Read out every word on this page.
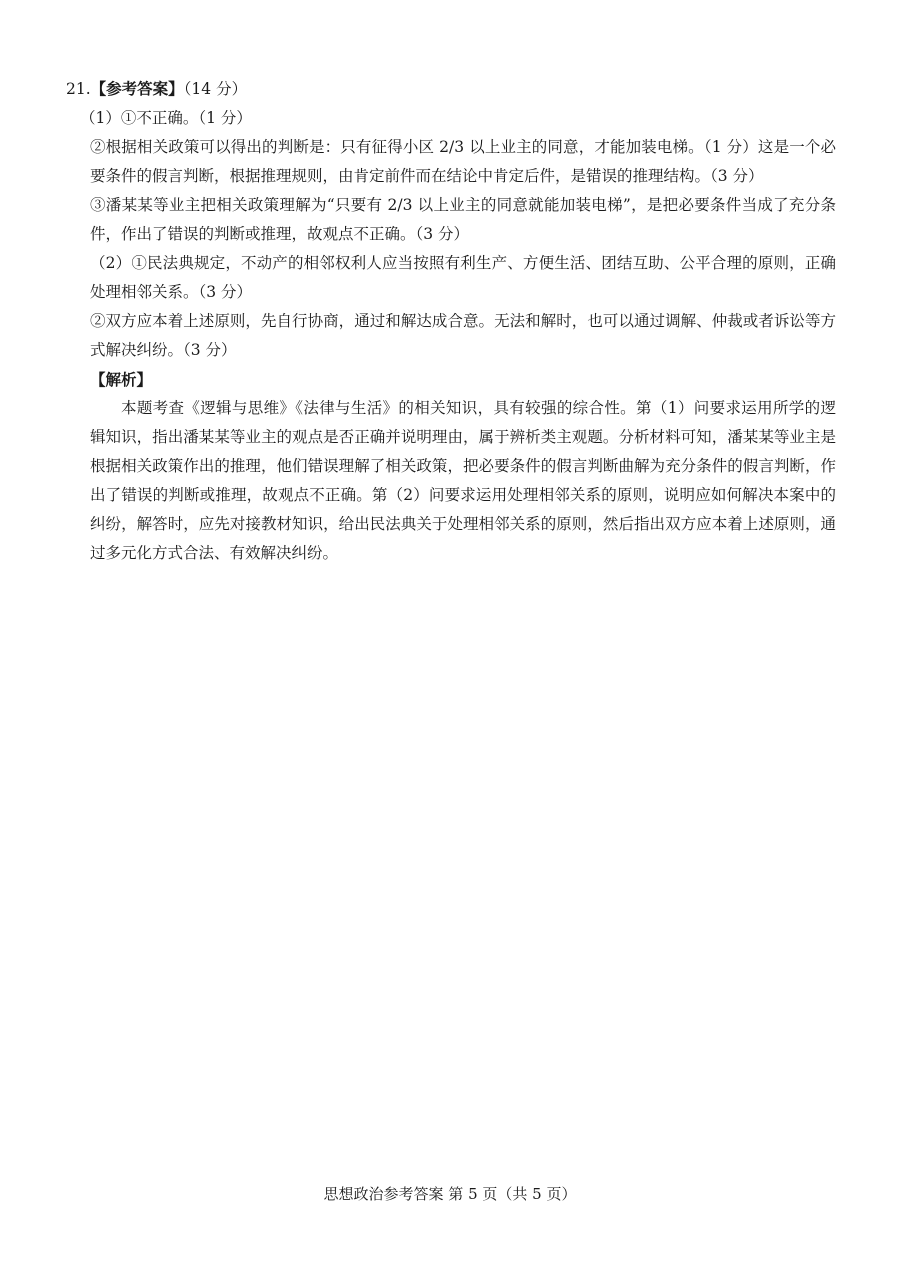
21.【参考答案】（14 分）

（1）①不正确。（1 分）

②根据相关政策可以得出的判断是：只有征得小区 2/3 以上业主的同意，才能加装电梯。（1 分）这是一个必要条件的假言判断，根据推理规则，由肯定前件而在结论中肯定后件，是错误的推理结构。（3 分）

③潘某某等业主把相关政策理解为“只要有 2/3 以上业主的同意就能加装电梯”，是把必要条件当成了充分条件，作出了错误的判断或推理，故观点不正确。（3 分）

（2）①民法典规定，不动产的相邻权利人应当按照有利生产、方便生活、团结互助、公平合理的原则，正确处理相邻关系。（3 分）

②双方应本着上述原则，先自行协商，通过和解达成合意。无法和解时，也可以通过调解、仲裁或者诉讼等方式解决纠纷。（3 分）

【解析】

本题考查《逻辑与思维》《法律与生活》的相关知识，具有较强的综合性。第（1）问要求运用所学的逻辑知识，指出潘某某等业主的观点是否正确并说明理由，属于辨析类主观题。分析材料可知，潘某某等业主是根据相关政策作出的推理，他们错误理解了相关政策，把必要条件的假言判断曲解为充分条件的假言判断，作出了错误的判断或推理，故观点不正确。第（2）问要求运用处理相邻关系的原则，说明应如何解决本案中的纠纷，解答时，应先对接教材知识，给出民法典关于处理相邻关系的原则，然后指出双方应本着上述原则，通过多元化方式合法、有效解决纠纷。

思想政治参考答案 第 5 页（共 5 页）
